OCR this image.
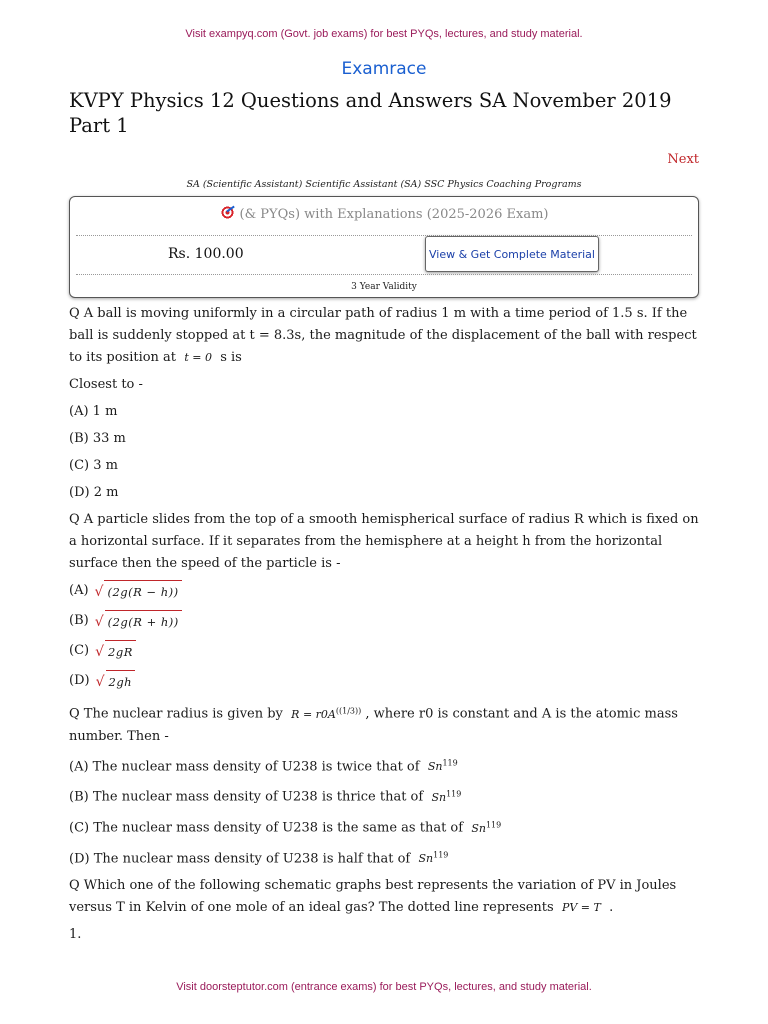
Visit exampyq.com (Govt. job exams) for best PYQs, lectures, and study material.
Examrace
KVPY Physics 12 Questions and Answers SA November 2019 Part 1
Next
SA (Scientific Assistant) Scientific Assistant (SA) SSC Physics Coaching Programs
(& PYQs) with Explanations (2025-2026 Exam)
Rs. 100.00	View & Get Complete Material
3 Year Validity

Q A ball is moving uniformly in a circular path of radius 1 m with a time period of 1.5 s. If the ball is suddenly stopped at t = 8.3s, the magnitude of the displacement of the ball with respect to its position at t = 0 s is

Closest to -

(A) 1 m

(B) 33 m

(C) 3 m

(D) 2 m

Q A particle slides from the top of a smooth hemispherical surface of radius R which is fixed on a horizontal surface. If it separates from the hemisphere at a height h from the horizontal surface then the speed of the particle is -

(A) √ (2g(R − h))
(B) √ (2g(R + h))
(C) √ 2gR
(D) √ 2gh

Q The nuclear radius is given by $R = r0A^{((1/3))}$ , where r0 is constant and A is the atomic mass number. Then -

(A) The nuclear mass density of U238 is twice that of Sn$^{119}$

(B) The nuclear mass density of U238 is thrice that of Sn$^{119}$

(C) The nuclear mass density of U238 is the same as that of Sn$^{119}$

(D) The nuclear mass density of U238 is half that of Sn$^{119}$

Q Which one of the following schematic graphs best represents the variation of PV in Joules versus T in Kelvin of one mole of an ideal gas? The dotted line represents PV = T .

1.

Visit doorsteptutor.com (entrance exams) for best PYQs, lectures, and study material.
